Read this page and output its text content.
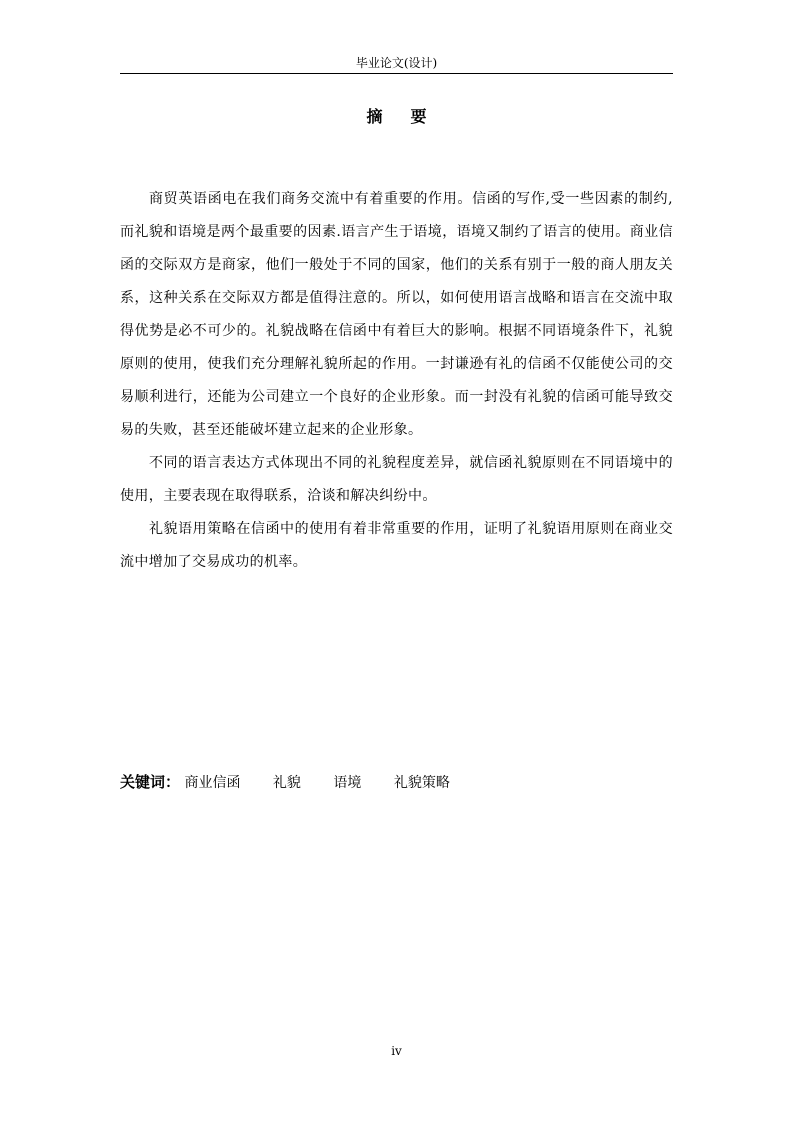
毕业论文(设计)
摘要

商贸英语函电在我们商务交流中有着重要的作用。信函的写作,受一些因素的制约,而礼貌和语境是两个最重要的因素.语言产生于语境，语境又制约了语言的使用。商业信函的交际双方是商家，他们一般处于不同的国家，他们的关系有别于一般的商人朋友关系，这种关系在交际双方都是值得注意的。所以，如何使用语言战略和语言在交流中取得优势是必不可少的。礼貌战略在信函中有着巨大的影响。根据不同语境条件下，礼貌原则的使用，使我们充分理解礼貌所起的作用。一封谦逊有礼的信函不仅能使公司的交易顺利进行，还能为公司建立一个良好的企业形象。而一封没有礼貌的信函可能导致交易的失败，甚至还能破坏建立起来的企业形象。

不同的语言表达方式体现出不同的礼貌程度差异，就信函礼貌原则在不同语境中的使用，主要表现在取得联系，洽谈和解决纠纷中。

礼貌语用策略在信函中的使用有着非常重要的作用，证明了礼貌语用原则在商业交流中增加了交易成功的机率。

关键词： 商业信函 礼貌 语境 礼貌策略
iv
